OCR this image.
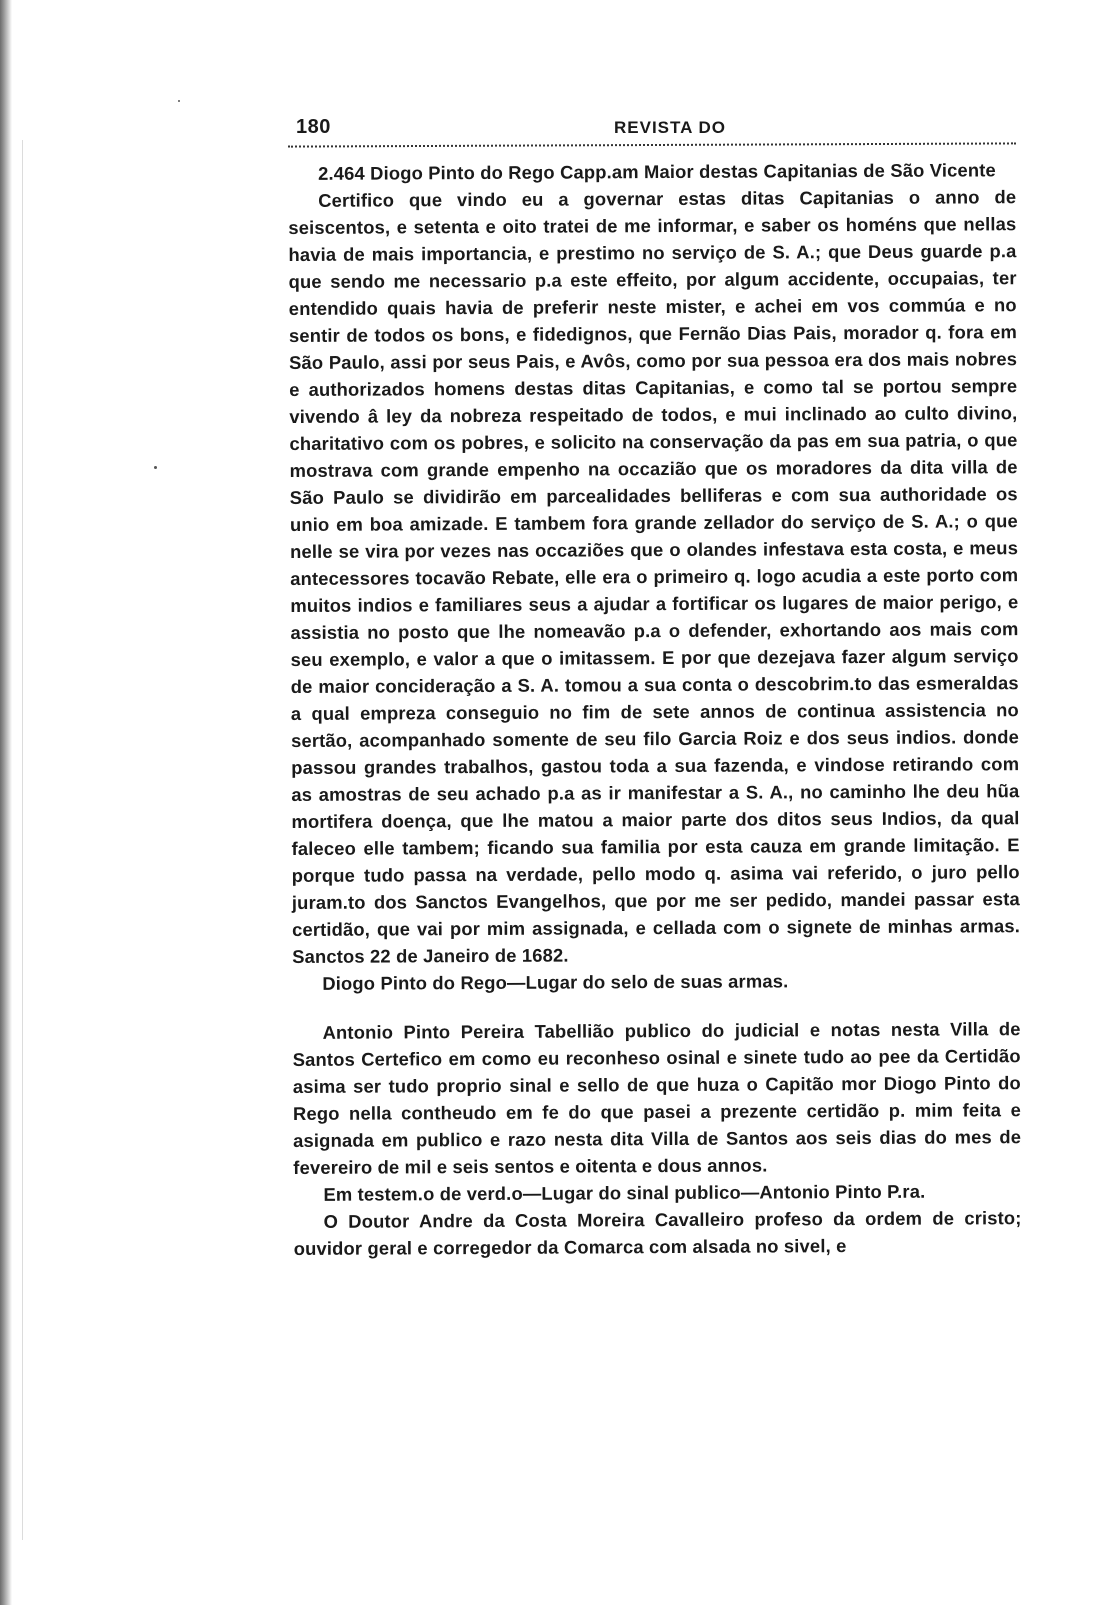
180	REVISTA DO

2.464 Diogo Pinto do Rego Capp.am Maior destas Capitanias de São Vicente

Certifico que vindo eu a governar estas ditas Capitanias o anno de seiscentos, e setenta e oito tratei de me informar, e saber os homéns que nellas havia de mais importancia, e prestimo no serviço de S. A.; que Deus guarde p.a que sendo me necessario p.a este effeito, por algum accidente, occupaias, ter entendido quais havia de preferir neste mister, e achei em vos commúa e no sentir de todos os bons, e fidedignos, que Fernão Dias Pais, morador q. fora em São Paulo, assi por seus Pais, e Avôs, como por sua pessoa era dos mais nobres e authorizados homens destas ditas Capitanias, e como tal se portou sempre vivendo â ley da nobreza respeitado de todos, e mui inclinado ao culto divino, charitativo com os pobres, e solicito na conservação da pas em sua patria, o que mostrava com grande empenho na occazião que os moradores da dita villa de São Paulo se dividirão em parcealidades belliferas e com sua authoridade os unio em boa amizade. E tambem fora grande zellador do serviço de S. A.; o que nelle se vira por vezes nas occaziões que o olandes infestava esta costa, e meus antecessores tocavão Rebate, elle era o primeiro q. logo acudia a este porto com muitos indios e familiares seus a ajudar a fortificar os lugares de maior perigo, e assistia no posto que lhe nomeavão p.a o defender, exhortando aos mais com seu exemplo, e valor a que o imitassem. E por que dezejava fazer algum serviço de maior concideração a S. A. tomou a sua conta o descobrim.to das esmeraldas a qual empreza conseguio no fim de sete annos de continua assistencia no sertão, acompanhado somente de seu filo Garcia Roiz e dos seus indios. donde passou grandes trabalhos, gastou toda a sua fazenda, e vindose retirando com as amostras de seu achado p.a as ir manifestar a S. A., no caminho lhe deu hũa mortifera doença, que lhe matou a maior parte dos ditos seus Indios, da qual faleceo elle tambem; ficando sua familia por esta cauza em grande limitação. E porque tudo passa na verdade, pello modo q. asima vai referido, o juro pello juram.to dos Sanctos Evangelhos, que por me ser pedido, mandei passar esta certidão, que vai por mim assignada, e cellada com o signete de minhas armas. Sanctos 22 de Janeiro de 1682.

Diogo Pinto do Rego—Lugar do selo de suas armas.

Antonio Pinto Pereira Tabellião publico do judicial e notas nesta Villa de Santos Certefico em como eu reconheso osinal e sinete tudo ao pee da Certidão asima ser tudo proprio sinal e sello de que huza o Capitão mor Diogo Pinto do Rego nella contheudo em fe do que pasei a prezente certidão p. mim feita e asignada em publico e razo nesta dita Villa de Santos aos seis dias do mes de fevereiro de mil e seis sentos e oitenta e dous annos.

Em testem.o de verd.o—Lugar do sinal publico—Antonio Pinto P.ra.

O Doutor Andre da Costa Moreira Cavalleiro profeso da ordem de cristo; ouvidor geral e corregedor da Comarca com alsada no sivel, e
